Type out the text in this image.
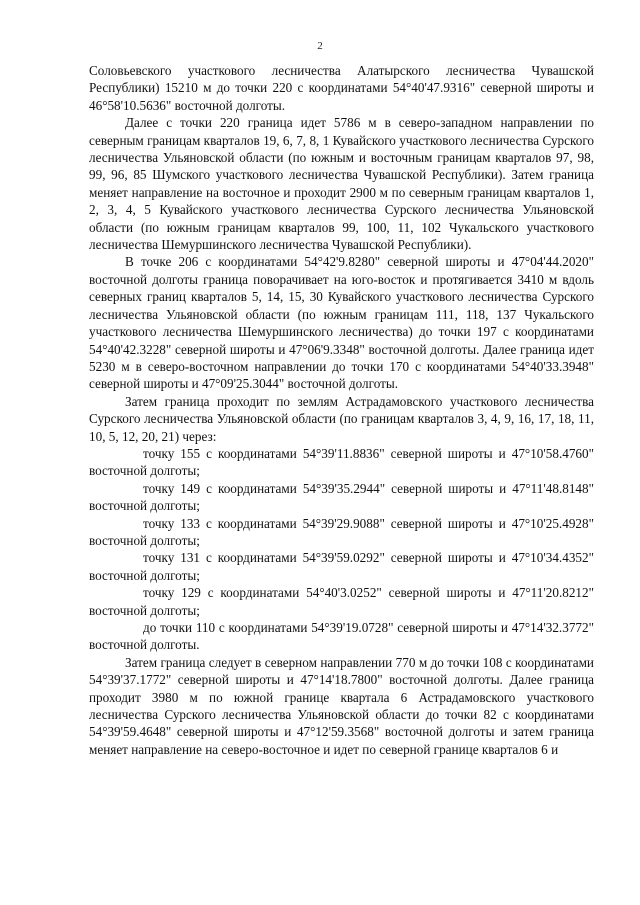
2

Соловьевского участкового лесничества Алатырского лесничества Чувашской Республики) 15210 м до точки 220 с координатами 54°40'47.9316" северной широты и 46°58'10.5636" восточной долготы.

Далее с точки 220 граница идет 5786 м в северо-западном направлении по северным границам кварталов 19, 6, 7, 8, 1 Кувайского участкового лесничества Сурского лесничества Ульяновской области (по южным и восточным границам кварталов 97, 98, 99, 96, 85 Шумского участкового лесничества Чувашской Республики). Затем граница меняет направление на восточное и проходит 2900 м по северным границам кварталов 1, 2, 3, 4, 5 Кувайского участкового лесничества Сурского лесничества Ульяновской области (по южным границам кварталов 99, 100, 11, 102 Чукальского участкового лесничества Шемуршинского лесничества Чувашской Республики).

В точке 206 с координатами 54°42'9.8280" северной широты и 47°04'44.2020" восточной долготы граница поворачивает на юго-восток и протягивается 3410 м вдоль северных границ кварталов 5, 14, 15, 30 Кувайского участкового лесничества Сурского лесничества Ульяновской области (по южным границам 111, 118, 137 Чукальского участкового лесничества Шемуршинского лесничества) до точки 197 с координатами 54°40'42.3228" северной широты и 47°06'9.3348" восточной долготы. Далее граница идет 5230 м в северо-восточном направлении до точки 170 с координатами 54°40'33.3948" северной широты и 47°09'25.3044" восточной долготы.

Затем граница проходит по землям Астрадамовского участкового лесничества Сурского лесничества Ульяновской области (по границам кварталов 3, 4, 9, 16, 17, 18, 11, 10, 5, 12, 20, 21) через:

точку 155 с координатами 54°39'11.8836" северной широты и 47°10'58.4760" восточной долготы;

точку 149 с координатами 54°39'35.2944" северной широты и 47°11'48.8148" восточной долготы;

точку 133 с координатами 54°39'29.9088" северной широты и 47°10'25.4928" восточной долготы;

точку 131 с координатами 54°39'59.0292" северной широты и 47°10'34.4352" восточной долготы;

точку 129 с координатами 54°40'3.0252" северной широты и 47°11'20.8212" восточной долготы;

до точки 110 с координатами 54°39'19.0728" северной широты и 47°14'32.3772" восточной долготы.

Затем граница следует в северном направлении 770 м до точки 108 с координатами 54°39'37.1772" северной широты и 47°14'18.7800" восточной долготы. Далее граница проходит 3980 м по южной границе квартала 6 Астрадамовского участкового лесничества Сурского лесничества Ульяновской области до точки 82 с координатами 54°39'59.4648" северной широты и 47°12'59.3568" восточной долготы и затем граница меняет направление на северо-восточное и идет по северной границе кварталов 6 и
